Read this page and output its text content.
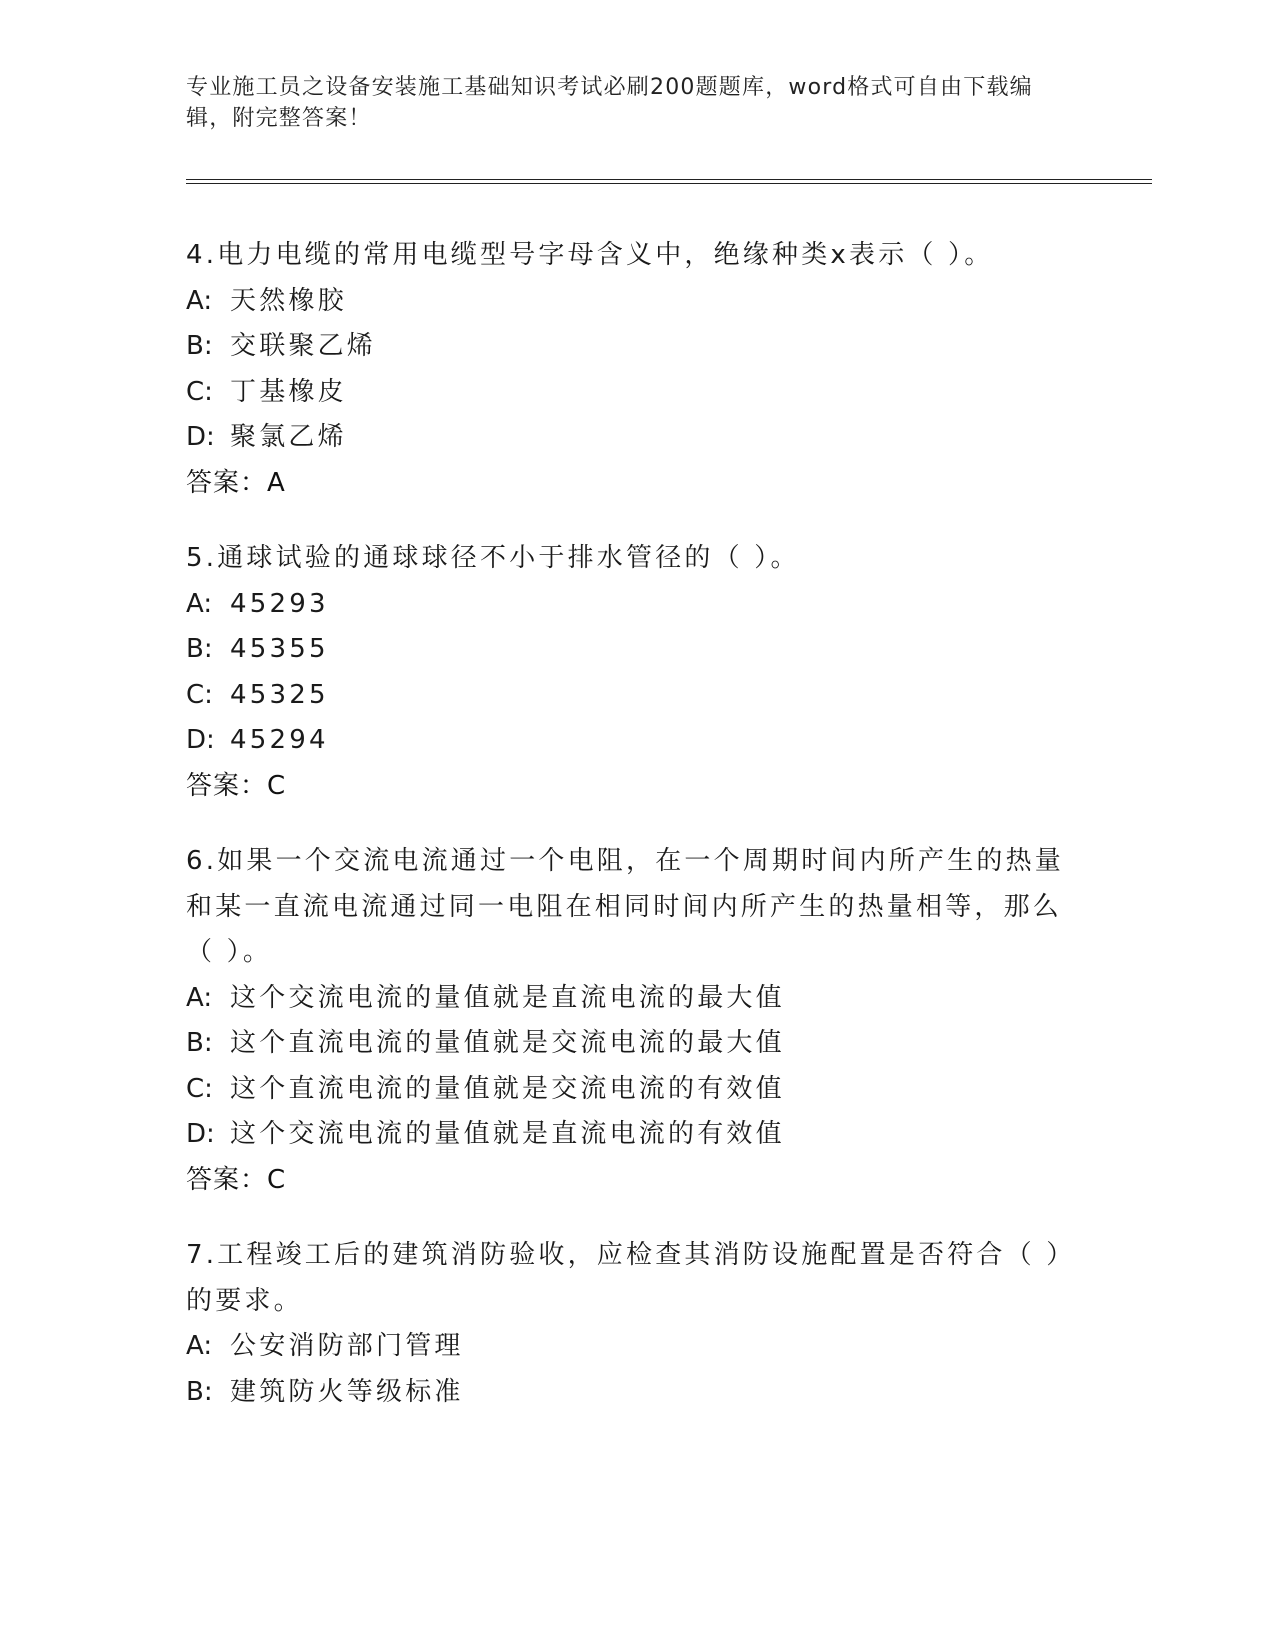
专业施工员之设备安装施工基础知识考试必刷200题题库，word格式可自由下载编辑，附完整答案！
4.电力电缆的常用电缆型号字母含义中，绝缘种类x表示（ ）。
A: 天然橡胶
B: 交联聚乙烯
C: 丁基橡皮
D: 聚氯乙烯
答案：A
5.通球试验的通球球径不小于排水管径的（ ）。
A: 45293
B: 45355
C: 45325
D: 45294
答案：C
6.如果一个交流电流通过一个电阻，在一个周期时间内所产生的热量和某一直流电流通过同一电阻在相同时间内所产生的热量相等，那么（ ）。
A: 这个交流电流的量值就是直流电流的最大值
B: 这个直流电流的量值就是交流电流的最大值
C: 这个直流电流的量值就是交流电流的有效值
D: 这个交流电流的量值就是直流电流的有效值
答案：C
7.工程竣工后的建筑消防验收，应检查其消防设施配置是否符合（ ）的要求。
A: 公安消防部门管理
B: 建筑防火等级标准
